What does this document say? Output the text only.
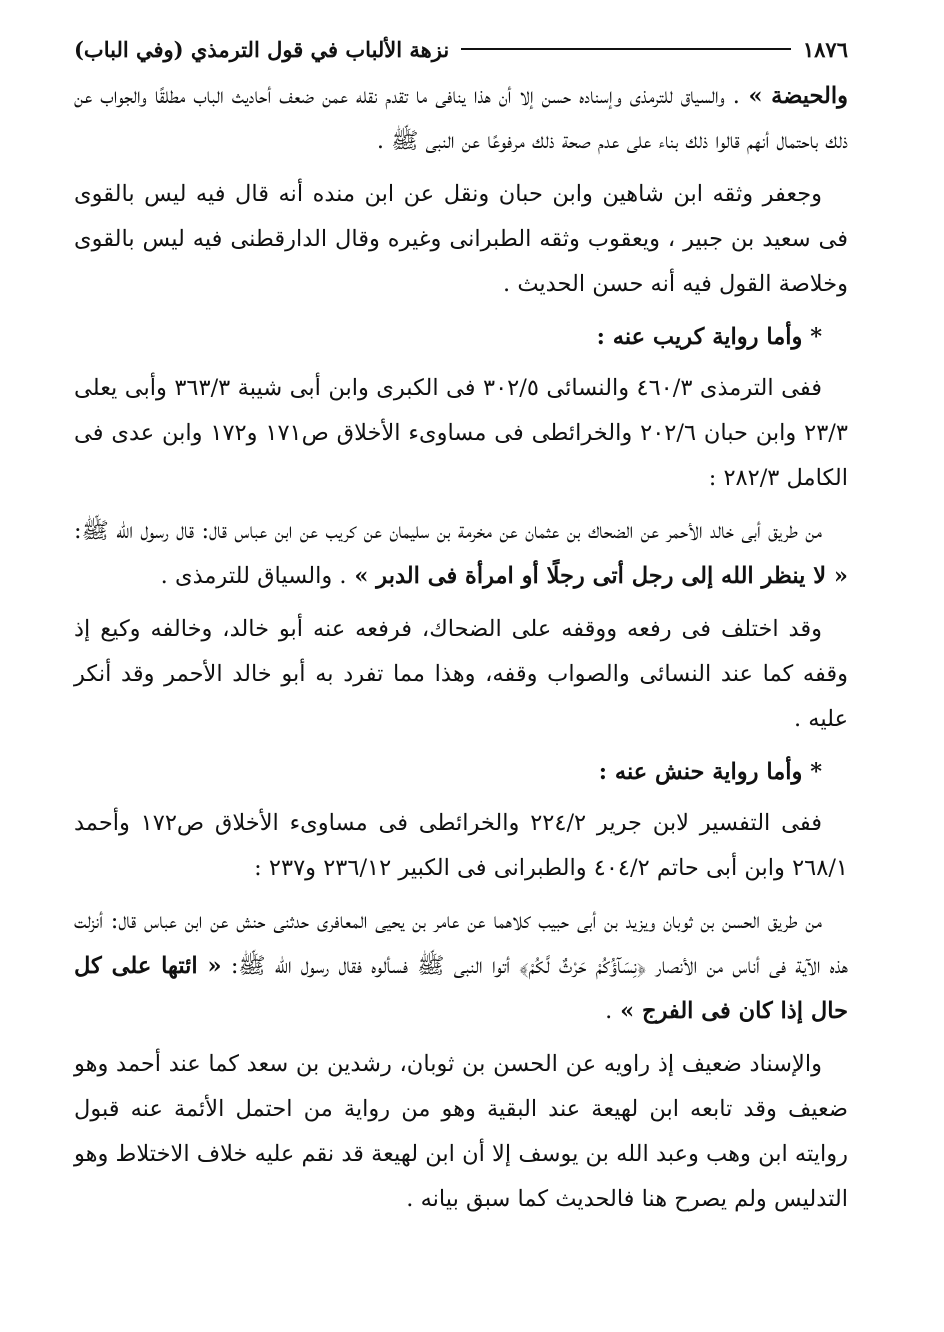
١٨٧٦
نزهة الألباب في قول الترمذي (وفي الباب)

والحيضة » . والسياق للترمذى وإسناده حسن إلا أن هذا ينافى ما تقدم نقله عمن ضعف أحاديث الباب مطلقًا والجواب عن ذلك باحتمال أنهم قالوا ذلك بناء على عدم صحة ذلك مرفوعًا عن النبى ﷺ .

وجعفر وثقه ابن شاهين وابن حبان ونقل عن ابن منده أنه قال فيه ليس بالقوى فى سعيد بن جبير ، ويعقوب وثقه الطبرانى وغيره وقال الدارقطنى فيه ليس بالقوى وخلاصة القول فيه أنه حسن الحديث .

* وأما رواية كريب عنه :

ففى الترمذى ٤٦٠/٣ والنسائى ٣٠٢/٥ فى الكبرى وابن أبى شيبة ٣٦٣/٣ وأبى يعلى ٢٣/٣ وابن حبان ٢٠٢/٦ والخرائطى فى مساوىء الأخلاق ص١٧١ و١٧٢ وابن عدى فى الكامل ٢٨٢/٣ :

من طريق أبى خالد الأحمر عن الضحاك بن عثمان عن مخرمة بن سليمان عن كريب عن ابن عباس قال: قال رسول الله ﷺ: « لا ينظر الله إلى رجل أتى رجلًا أو امرأة فى الدبر » . والسياق للترمذى .

وقد اختلف فى رفعه ووقفه على الضحاك، فرفعه عنه أبو خالد، وخالفه وكيع إذ وقفه كما عند النسائى والصواب وقفه، وهذا مما تفرد به أبو خالد الأحمر وقد أنكر عليه .

* وأما رواية حنش عنه :

ففى التفسير لابن جرير ٢٢٤/٢ والخرائطى فى مساوىء الأخلاق ص١٧٢ وأحمد ٢٦٨/١ وابن أبى حاتم ٤٠٤/٢ والطبرانى فى الكبير ٢٣٦/١٢ و٢٣٧ :

من طريق الحسن بن ثوبان ويزيد بن أبى حبيب كلاهما عن عامر بن يحيى المعافرى حدثنى حنش عن ابن عباس قال: أنزلت هذه الآية فى أناس من الأنصار ﴿نِسَآؤُكُمْ حَرْثٌ لَّكُمْ﴾ أتوا النبى ﷺ فسألوه فقال رسول الله ﷺ: « ائتها على كل حال إذا كان فى الفرج » .

والإسناد ضعيف إذ راويه عن الحسن بن ثوبان، رشدين بن سعد كما عند أحمد وهو ضعيف وقد تابعه ابن لهيعة عند البقية وهو من رواية من احتمل الأئمة عنه قبول روايته ابن وهب وعبد الله بن يوسف إلا أن ابن لهيعة قد نقم عليه خلاف الاختلاط وهو التدليس ولم يصرح هنا فالحديث كما سبق بيانه .
